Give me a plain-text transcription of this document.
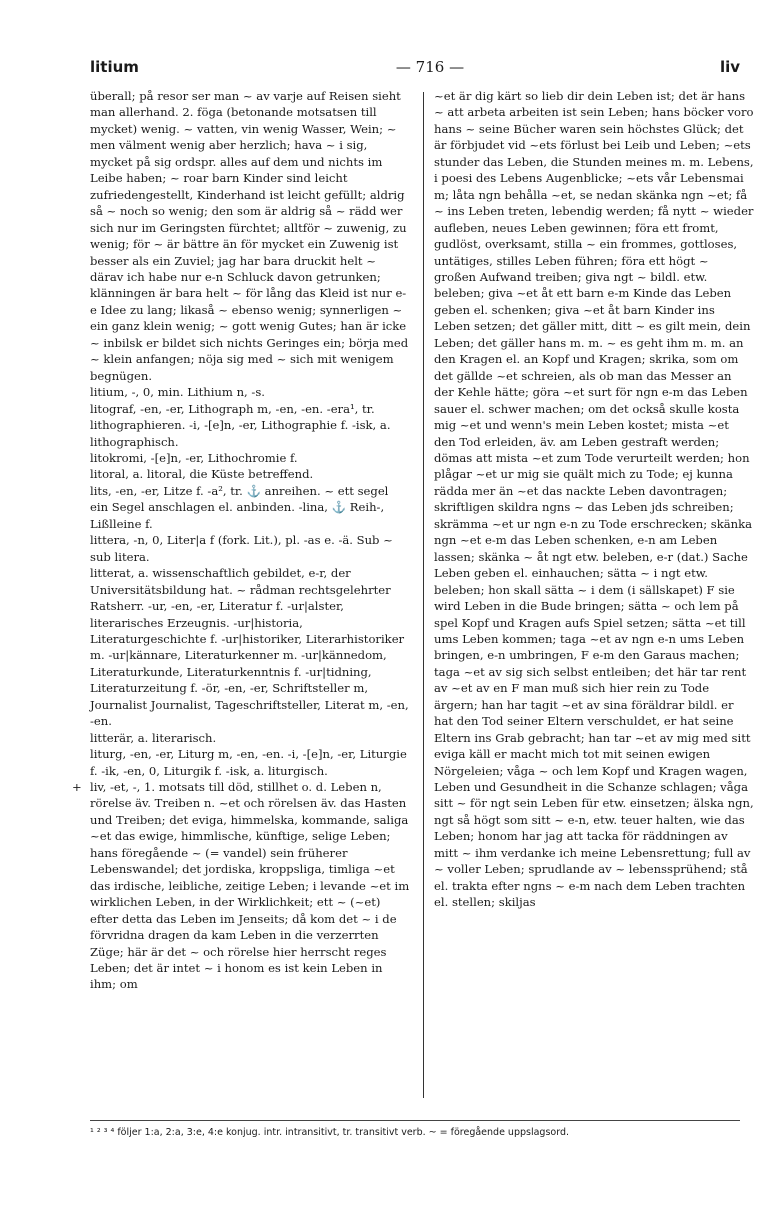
litium	— 716 —	liv

überall; på resor ser man ~ av varje auf Reisen sieht man allerhand. 2. föga (betonande motsatsen till mycket) wenig. ~ vatten, vin wenig Wasser, Wein; ~ men välment wenig aber herzlich; hava ~ i sig, mycket på sig ordspr. alles auf dem und nichts im Leibe haben; ~ roar barn Kinder sind leicht zufriedengestellt, Kinderhand ist leicht gefüllt; aldrig så ~ noch so wenig; den som är aldrig så ~ rädd wer sich nur im Geringsten fürchtet; alltför ~ zuwenig, zu wenig; för ~ är bättre än för mycket ein Zuwenig ist besser als ein Zuviel; jag har bara druckit helt ~ därav ich habe nur e-n Schluck davon getrunken; klänningen är bara helt ~ för lång das Kleid ist nur e-e Idee zu lang; likaså ~ ebenso wenig; synnerligen ~ ein ganz klein wenig; ~ gott wenig Gutes; han är icke ~ inbilsk er bildet sich nichts Geringes ein; börja med ~ klein anfangen; nöja sig med ~ sich mit wenigem begnügen.

litium, -, 0, min. Lithium n, -s.

litograf, -en, -er, Lithograph m, -en, -en. -era¹, tr. lithographieren. -i, -[e]n, -er, Lithographie f. -isk, a. lithographisch.

litokromi, -[e]n, -er, Lithochromie f.

litoral, a. litoral, die Küste betreffend.

lits, -en, -er, Litze f. -a², tr. ⚓ anreihen. ~ ett segel ein Segel anschlagen el. anbinden. -lina, ⚓ Reih-, Lißlleine f.

littera, -n, 0, Liter|a f (fork. Lit.), pl. -as e. -ä. Sub ~ sub litera.

litterat, a. wissenschaftlich gebildet, e-r, der Universitätsbildung hat. ~ rådman rechtsgelehrter Ratsherr. -ur, -en, -er, Literatur f. -ur|alster, literarisches Erzeugnis. -ur|historia, Literaturgeschichte f. -ur|historiker, Literarhistoriker m. -ur|kännare, Literaturkenner m. -ur|kännedom, Literaturkunde, Literaturkenntnis f. -ur|tidning, Literaturzeitung f. -ör, -en, -er, Schriftsteller m, Journalist Journalist, Tageschriftsteller, Literat m, -en, -en.

litterär, a. literarisch.

liturg, -en, -er, Liturg m, -en, -en. -i, -[e]n, -er, Liturgie f. -ik, -en, 0, Liturgik f. -isk, a. liturgisch.

+ liv, -et, -, 1. motsats till död, stillhet o. d. Leben n, rörelse äv. Treiben n. ~et och rörelsen äv. das Hasten und Treiben; det eviga, himmelska, kommande, saliga ~et das ewige, himmlische, künftige, selige Leben; hans föregående ~ (= vandel) sein früherer Lebenswandel; det jordiska, kroppsliga, timliga ~et das irdische, leibliche, zeitige Leben; i levande ~et im wirklichen Leben, in der Wirklichkeit; ett ~ (~et) efter detta das Leben im Jenseits; då kom det ~ i de förvridna dragen da kam Leben in die verzerrten Züge; här är det ~ och rörelse hier herrscht reges Leben; det är intet ~ i honom es ist kein Leben in ihm; om

~et är dig kärt so lieb dir dein Leben ist; det är hans ~ att arbeta arbeiten ist sein Leben; hans böcker voro hans ~ seine Bücher waren sein höchstes Glück; det är förbjudet vid ~ets förlust bei Leib und Leben; ~ets stunder das Leben, die Stunden meines m. m. Lebens, i poesi des Lebens Augenblicke; ~ets vår Lebensmai m; låta ngn behålla ~et, se nedan skänka ngn ~et; få ~ ins Leben treten, lebendig werden; få nytt ~ wieder aufleben, neues Leben gewinnen; föra ett fromt, gudlöst, overksamt, stilla ~ ein frommes, gottloses, untätiges, stilles Leben führen; föra ett högt ~ großen Aufwand treiben; giva ngt ~ bildl. etw. beleben; giva ~et åt ett barn e-m Kinde das Leben geben el. schenken; giva ~et åt barn Kinder ins Leben setzen; det gäller mitt, ditt ~ es gilt mein, dein Leben; det gäller hans m. m. ~ es geht ihm m. m. an den Kragen el. an Kopf und Kragen; skrika, som om det gällde ~et schreien, als ob man das Messer an der Kehle hätte; göra ~et surt för ngn e-m das Leben sauer el. schwer machen; om det också skulle kosta mig ~et und wenn's mein Leben kostet; mista ~et den Tod erleiden, äv. am Leben gestraft werden; dömas att mista ~et zum Tode verurteilt werden; hon plågar ~et ur mig sie quält mich zu Tode; ej kunna rädda mer än ~et das nackte Leben davontragen; skriftligen skildra ngns ~ das Leben jds schreiben; skrämma ~et ur ngn e-n zu Tode erschrecken; skänka ngn ~et e-m das Leben schenken, e-n am Leben lassen; skänka ~ åt ngt etw. beleben, e-r (dat.) Sache Leben geben el. einhauchen; sätta ~ i ngt etw. beleben; hon skall sätta ~ i dem (i sällskapet) F sie wird Leben in die Bude bringen; sätta ~ och lem på spel Kopf und Kragen aufs Spiel setzen; sätta ~et till ums Leben kommen; taga ~et av ngn e-n ums Leben bringen, e-n umbringen, F e-m den Garaus machen; taga ~et av sig sich selbst entleiben; det här tar rent av ~et av en F man muß sich hier rein zu Tode ärgern; han har tagit ~et av sina föräldrar bildl. er hat den Tod seiner Eltern verschuldet, er hat seine Eltern ins Grab gebracht; han tar ~et av mig med sitt eviga käll er macht mich tot mit seinen ewigen Nörgeleien; våga ~ och lem Kopf und Kragen wagen, Leben und Gesundheit in die Schanze schlagen; våga sitt ~ för ngt sein Leben für etw. einsetzen; älska ngn, ngt så högt som sitt ~ e-n, etw. teuer halten, wie das Leben; honom har jag att tacka för räddningen av mitt ~ ihm verdanke ich meine Lebensrettung; full av ~ voller Leben; sprudlande av ~ lebenssprühend; stå el. trakta efter ngns ~ e-m nach dem Leben trachten el. stellen; skiljas

¹ ² ³ ⁴ följer 1:a, 2:a, 3:e, 4:e konjug. intr. intransitivt, tr. transitivt verb. ~ = föregående uppslagsord.
